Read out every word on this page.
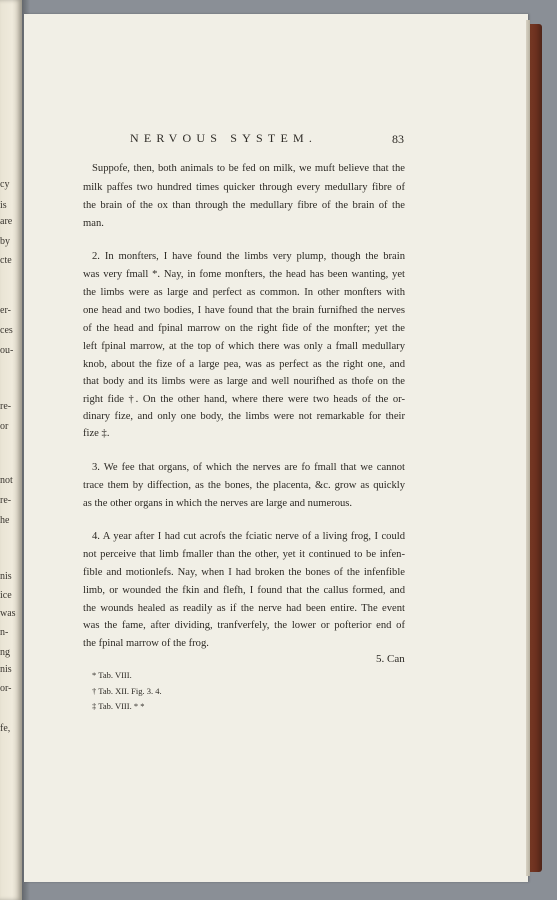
cy
is
are
by
cte
er-
ces
ou-
re-
or
not
re-
he
nis
ice
was
n-
ng
nis
or-
fe,
NERVOUS SYSTEM.	83
Suppofe, then, both animals to be fed on milk, we muft believe that the
milk paffes two hundred times quicker through every medullary fibre of
the brain of the ox than through the medullary fibre of the brain of the
man.
2. In monfters, I have found the limbs very plump, though the brain
was very fmall *. Nay, in fome monfters, the head has been wanting, yet
the limbs were as large and perfect as common. In other monfters with
one head and two bodies, I have found that the brain furnifhed the nerves
of the head and fpinal marrow on the right fide of the monfter; yet the
left fpinal marrow, at the top of which there was only a fmall medullary
knob, about the fize of a large pea, was as perfect as the right one, and
that body and its limbs were as large and well nourifhed as thofe on the
right fide †. On the other hand, where there were two heads of the or-
dinary fize, and only one body, the limbs were not remarkable for their
fize ‡.
3. We fee that organs, of which the nerves are fo fmall that we cannot
trace them by diffection, as the bones, the placenta, &c. grow as quickly
as the other organs in which the nerves are large and numerous.
4. A year after I had cut acrofs the fciatic nerve of a living frog, I could
not perceive that limb fmaller than the other, yet it continued to be infen-
fible and motionlefs. Nay, when I had broken the bones of the infenfible
limb, or wounded the fkin and flefh, I found that the callus formed, and
the wounds healed as readily as if the nerve had been entire. The event
was the fame, after dividing, tranfverfely, the lower or pofterior end of
the fpinal marrow of the frog.
5. Can
* Tab. VIII.
† Tab. XII. Fig. 3. 4.
‡ Tab. VIII. * *
